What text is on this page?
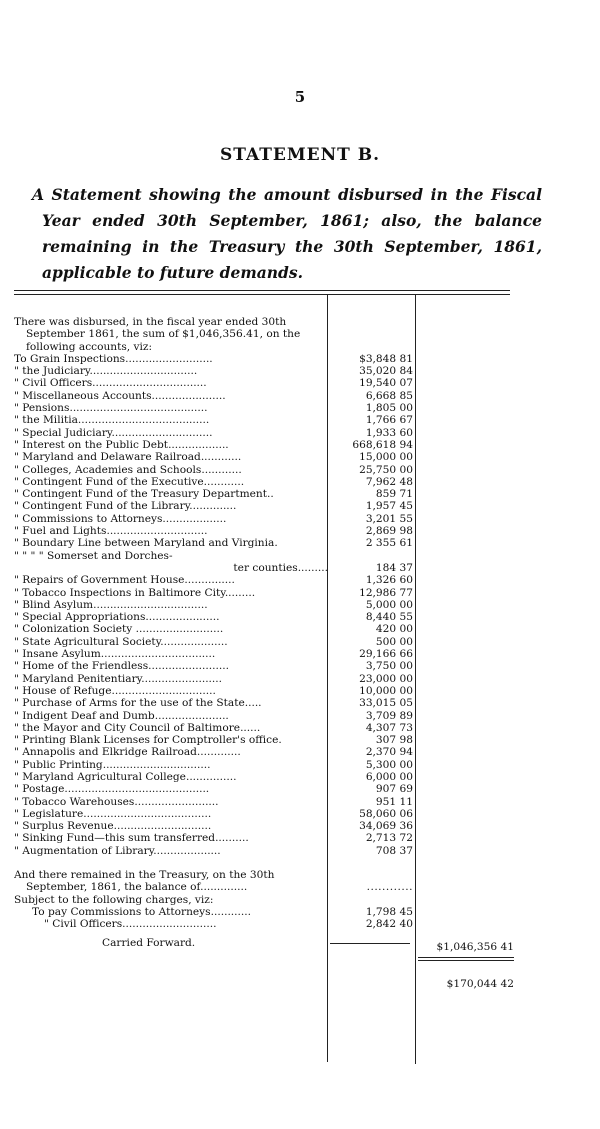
5
STATEMENT B.
A Statement showing the amount disbursed in the Fiscal Year ended 30th September, 1861; also, the balance remaining in the Treasury the 30th September, 1861, applicable to future demands.
There was disbursed, in the fiscal year ended 30th
September 1861, the sum of $1,046,356.41, on the
following accounts, viz:
To Grain Inspections..........................
" the Judiciary................................
" Civil Officers..................................
" Miscellaneous Accounts......................
" Pensions.........................................
" the Militia.......................................
" Special Judiciary..............................
" Interest on the Public Debt..................
" Maryland and Delaware Railroad............
" Colleges, Academies and Schools............
" Contingent Fund of the Executive............
" Contingent Fund of the Treasury Department..
" Contingent Fund of the Library..............
" Commissions to Attorneys...................
" Fuel and Lights..............................
" Boundary Line between Maryland and Virginia.
" " " " Somerset and Dorches-
ter counties.........
" Repairs of Government House...............
" Tobacco Inspections in Baltimore City.........
" Blind Asylum..................................
" Special Appropriations......................
" Colonization Society ..........................
" State Agricultural Society....................
" Insane Asylum..................................
" Home of the Friendless........................
" Maryland Penitentiary........................
" House of Refuge...............................
" Purchase of Arms for the use of the State.....
" Indigent Deaf and Dumb......................
" the Mayor and City Council of Baltimore......
" Printing Blank Licenses for Comptroller's office.
" Annapolis and Elkridge Railroad.............
" Public Printing................................
" Maryland Agricultural College...............
" Postage...........................................
" Tobacco Warehouses.........................
" Legislature......................................
" Surplus Revenue.............................
" Sinking Fund—this sum transferred..........
" Augmentation of Library....................
And there remained in the Treasury, on the 30th
September, 1861, the balance of..............
Subject to the following charges, viz:
To pay Commissions to Attorneys............
" Civil Officers............................
Carried Forward.
$3,848 81
35,020 84
19,540 07
6,668 85
1,805 00
1,766 67
1,933 60
668,618 94
15,000 00
25,750 00
7,962 48
859 71
1,957 45
3,201 55
2,869 98
2 355 61
184 37
1,326 60
12,986 77
5,000 00
8,440 55
420 00
500 00
29,166 66
3,750 00
23,000 00
10,000 00
33,015 05
3,709 89
4,307 73
307 98
2,370 94
5,300 00
6,000 00
907 69
951 11
58,060 06
34,069 36
2,713 72
708 37
............
1,798 45
2,842 40
$1,046,356 41
$170,044 42
